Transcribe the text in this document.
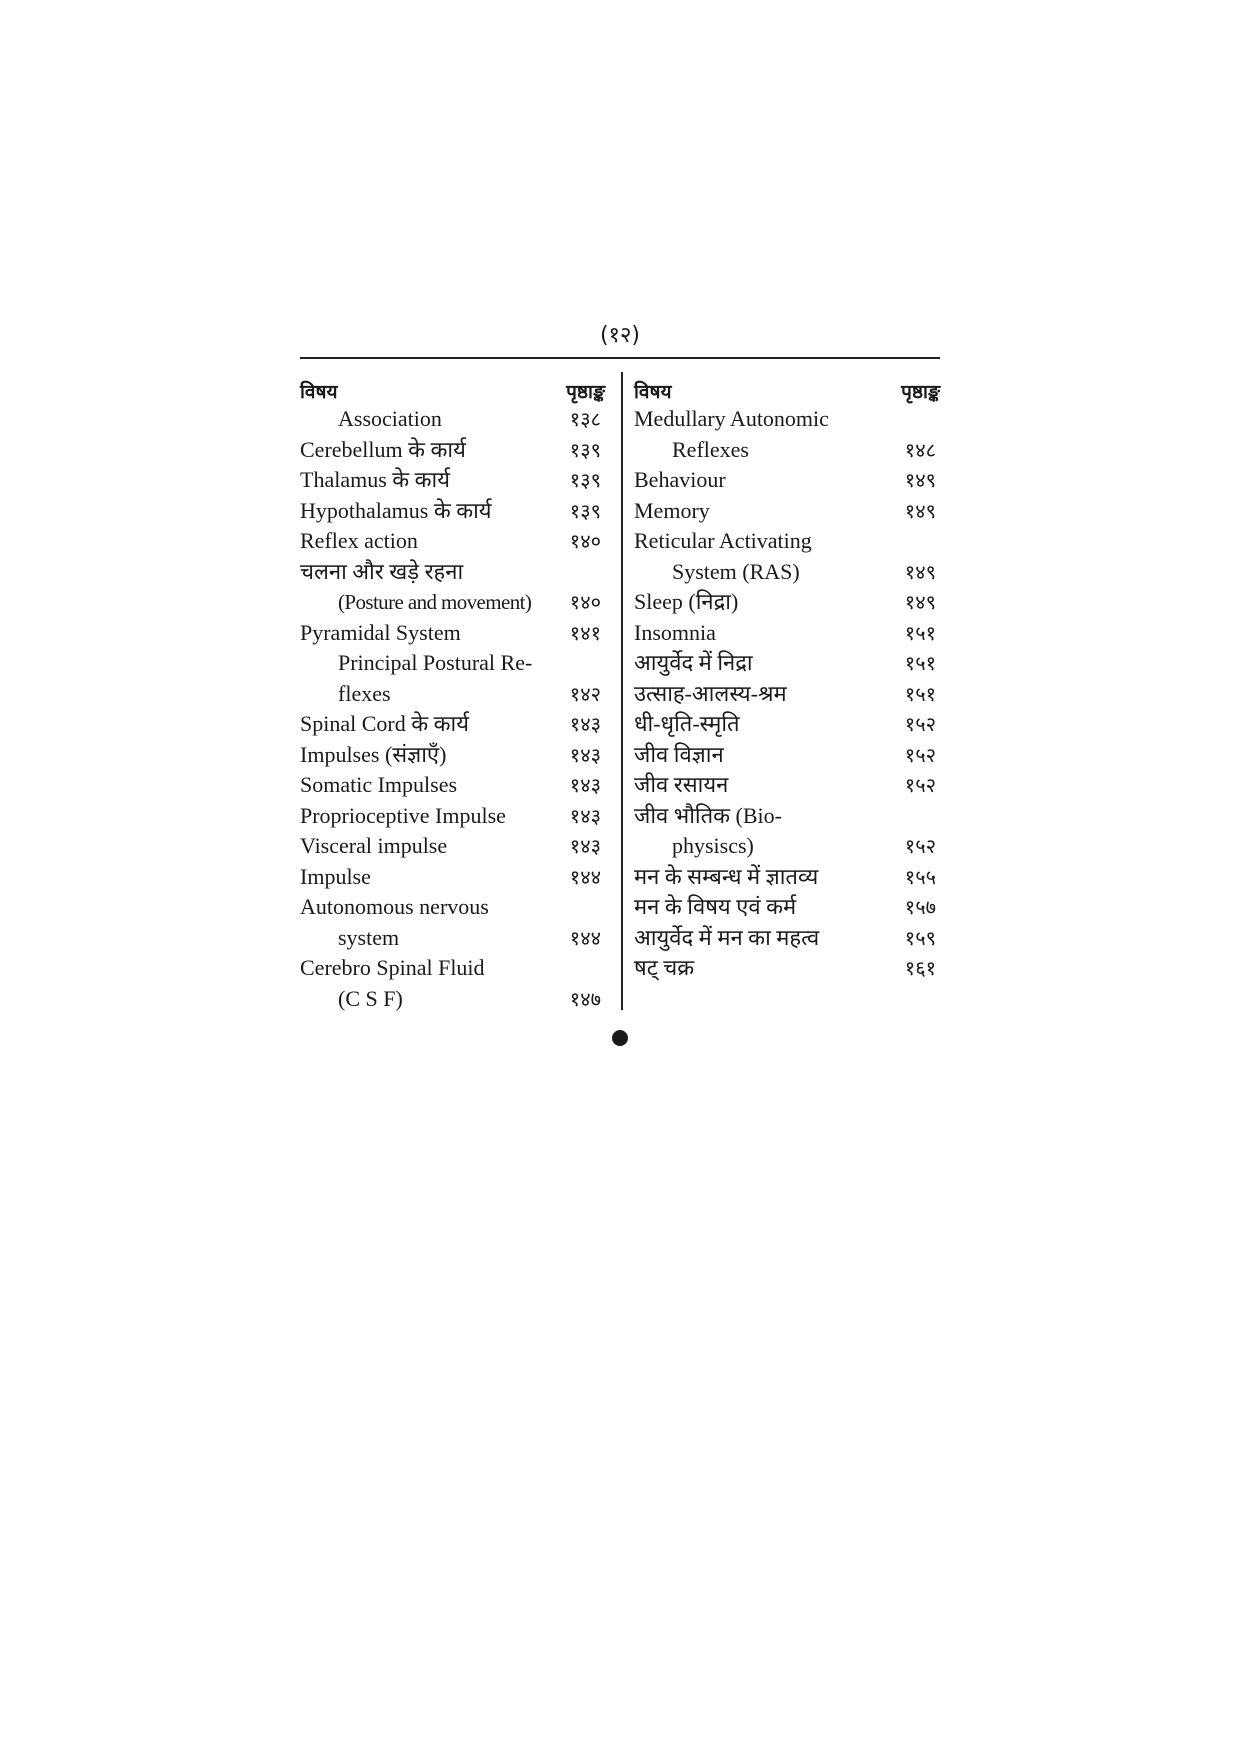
(१२)
विषय	पृष्ठाङ्क
Association	१३८
Cerebellum के कार्य	१३९
Thalamus के कार्य	१३९
Hypothalamus के कार्य	१३९
Reflex action	१४०
चलना और खड़े रहना
(Posture and movement) १४०
Pyramidal System	१४१
Principal Postural Re-
flexes	१४२
Spinal Cord के कार्य	१४३
Impulses (संज्ञाएँ)	१४३
Somatic Impulses	१४३
Proprioceptive Impulse	१४३
Visceral impulse	१४३
Impulse	१४४
Autonomous nervous
system	१४४
Cerebro Spinal Fluid
(C S F)	१४७
विषय	पृष्ठाङ्क
Medullary Autonomic
Reflexes	१४८
Behaviour	१४९
Memory	१४९
Reticular Activating
System (RAS)	१४९
Sleep (निद्रा)	१४९
Insomnia	१५१
आयुर्वेद में निद्रा	१५१
उत्साह-आलस्य-श्रम	१५१
धी-धृति-स्मृति	१५२
जीव विज्ञान	१५२
जीव रसायन	१५२
जीव भौतिक (Bio-
physiscs)	१५२
मन के सम्बन्ध में ज्ञातव्य	१५५
मन के विषय एवं कर्म	१५७
आयुर्वेद में मन का महत्व	१५९
षट् चक्र	१६१
